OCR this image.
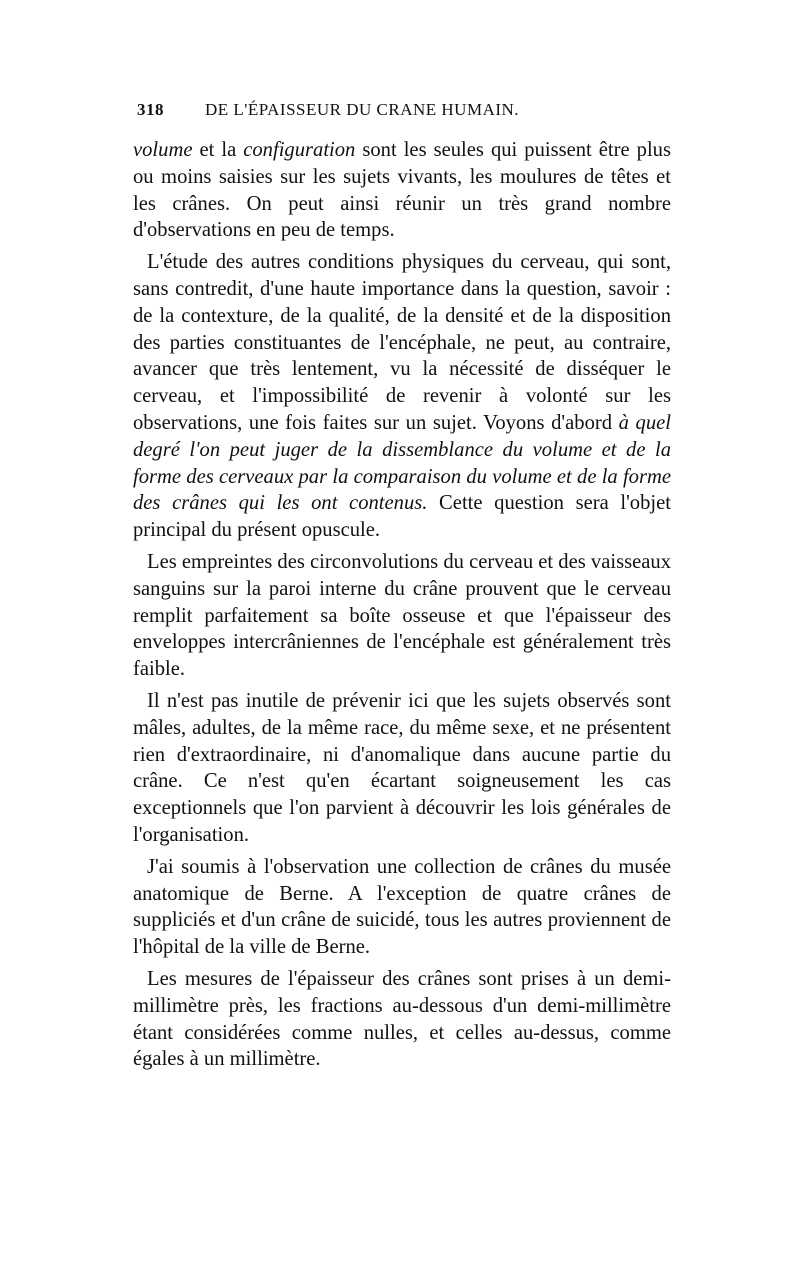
318 DE L'ÉPAISSEUR DU CRANE HUMAIN.

volume et la configuration sont les seules qui puissent être plus ou moins saisies sur les sujets vivants, les moulures de têtes et les crânes. On peut ainsi réunir un très grand nombre d'observations en peu de temps.

L'étude des autres conditions physiques du cerveau, qui sont, sans contredit, d'une haute importance dans la question, savoir : de la contexture, de la qualité, de la densité et de la disposition des parties constituantes de l'encéphale, ne peut, au contraire, avancer que très lentement, vu la nécessité de disséquer le cerveau, et l'impossibilité de revenir à volonté sur les observations, une fois faites sur un sujet. Voyons d'abord à quel degré l'on peut juger de la dissemblance du volume et de la forme des cerveaux par la comparaison du volume et de la forme des crânes qui les ont contenus. Cette question sera l'objet principal du présent opuscule.

Les empreintes des circonvolutions du cerveau et des vaisseaux sanguins sur la paroi interne du crâne prouvent que le cerveau remplit parfaitement sa boîte osseuse et que l'épaisseur des enveloppes intercrâniennes de l'encéphale est généralement très faible.

Il n'est pas inutile de prévenir ici que les sujets observés sont mâles, adultes, de la même race, du même sexe, et ne présentent rien d'extraordinaire, ni d'anomalique dans aucune partie du crâne. Ce n'est qu'en écartant soigneusement les cas exceptionnels que l'on parvient à découvrir les lois générales de l'organisation.

J'ai soumis à l'observation une collection de crânes du musée anatomique de Berne. A l'exception de quatre crânes de suppliciés et d'un crâne de suicidé, tous les autres proviennent de l'hôpital de la ville de Berne.

Les mesures de l'épaisseur des crânes sont prises à un demi-millimètre près, les fractions au-dessous d'un demi-millimètre étant considérées comme nulles, et celles au-dessus, comme égales à un millimètre.
